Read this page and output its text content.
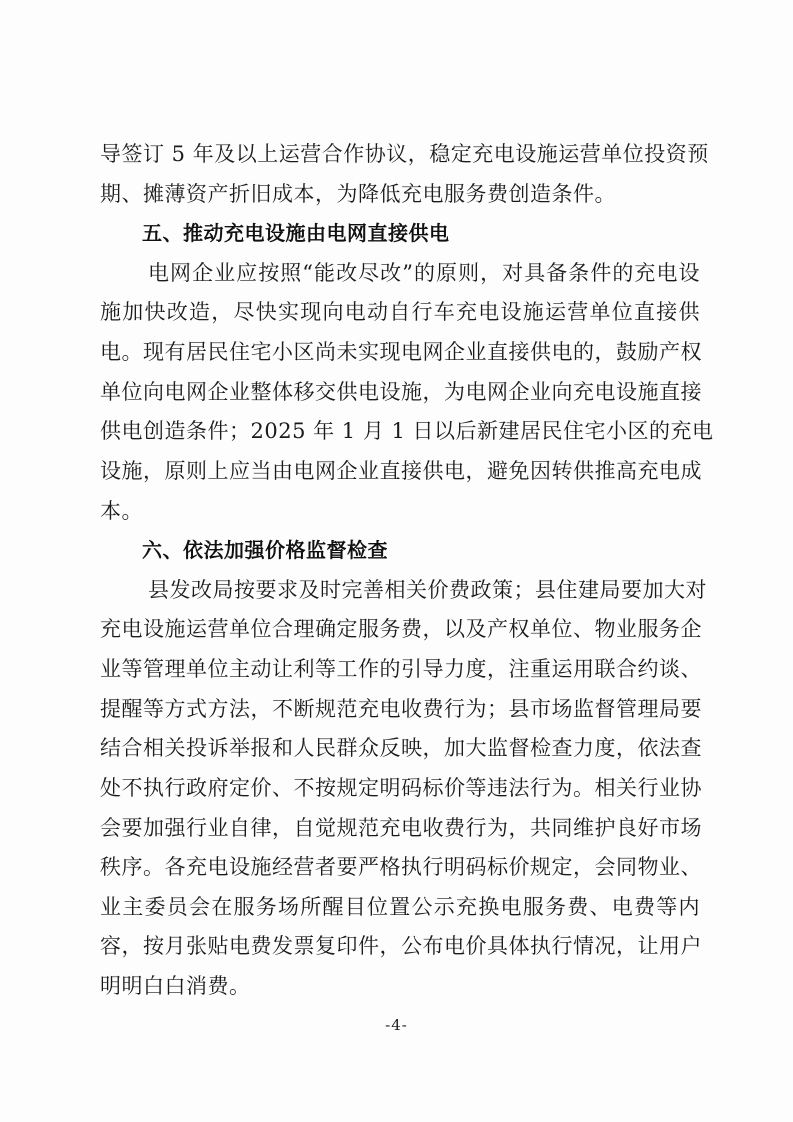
导签订 5 年及以上运营合作协议，稳定充电设施运营单位投资预
期、摊薄资产折旧成本，为降低充电服务费创造条件。
五、推动充电设施由电网直接供电
电网企业应按照“能改尽改”的原则，对具备条件的充电设
施加快改造，尽快实现向电动自行车充电设施运营单位直接供
电。现有居民住宅小区尚未实现电网企业直接供电的，鼓励产权
单位向电网企业整体移交供电设施，为电网企业向充电设施直接
供电创造条件；2025 年 1 月 1 日以后新建居民住宅小区的充电
设施，原则上应当由电网企业直接供电，避免因转供推高充电成
本。
六、依法加强价格监督检查
县发改局按要求及时完善相关价费政策；县住建局要加大对
充电设施运营单位合理确定服务费，以及产权单位、物业服务企
业等管理单位主动让利等工作的引导力度，注重运用联合约谈、
提醒等方式方法，不断规范充电收费行为；县市场监督管理局要
结合相关投诉举报和人民群众反映，加大监督检查力度，依法查
处不执行政府定价、不按规定明码标价等违法行为。相关行业协
会要加强行业自律，自觉规范充电收费行为，共同维护良好市场
秩序。各充电设施经营者要严格执行明码标价规定，会同物业、
业主委员会在服务场所醒目位置公示充换电服务费、电费等内
容，按月张贴电费发票复印件，公布电价具体执行情况，让用户
明明白白消费。
-4-
